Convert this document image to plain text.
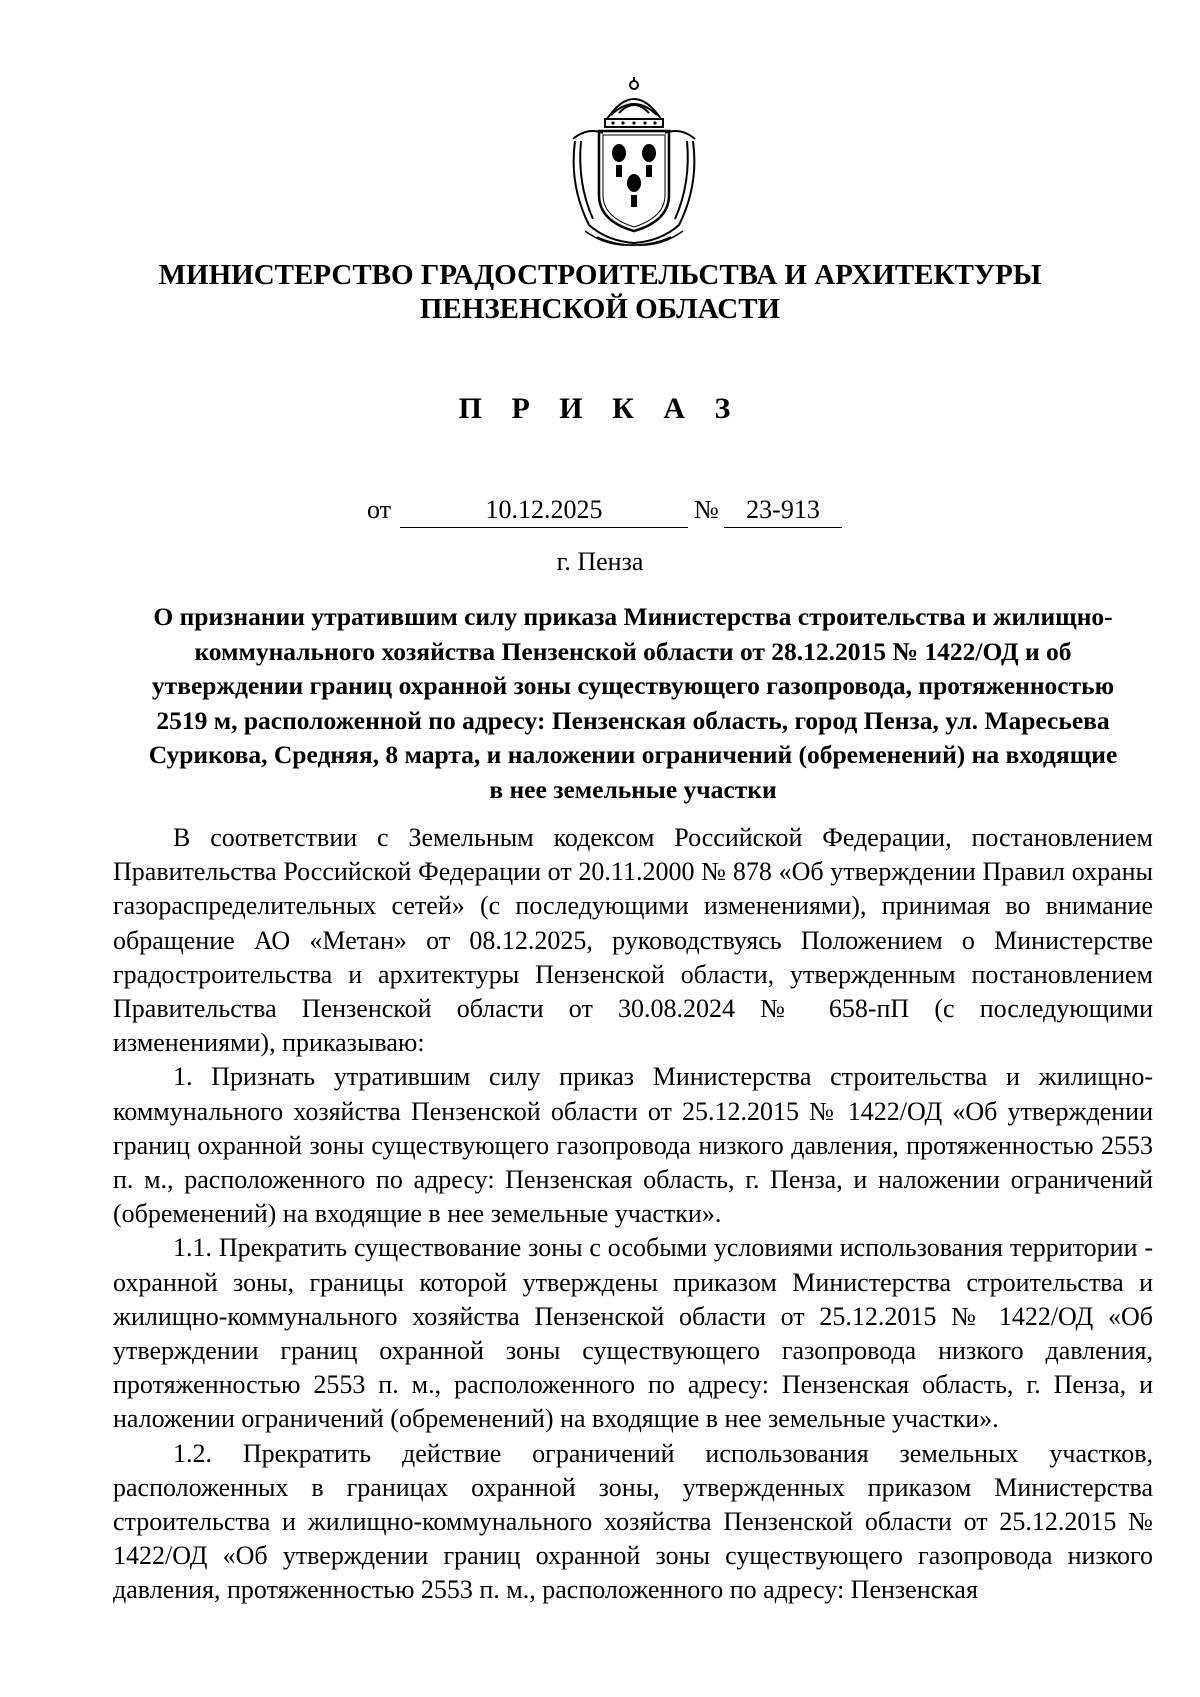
МИНИСТЕРСТВО ГРАДОСТРОИТЕЛЬСТВА И АРХИТЕКТУРЫ
ПЕНЗЕНСКОЙ ОБЛАСТИ
П Р И К А З
от	10.12.2025	№	23-913
г. Пенза
О признании утратившим силу приказа Министерства строительства и жилищно-
коммунального хозяйства Пензенской области от 28.12.2015 № 1422/ОД и об
утверждении границ охранной зоны существующего газопровода, протяженностью
2519 м, расположенной по адресу: Пензенская область, город Пенза, ул. Маресьева
Сурикова, Средняя, 8 марта, и наложении ограничений (обременений) на входящие
в нее земельные участки

В соответствии с Земельным кодексом Российской Федерации, постановлением Правительства Российской Федерации от 20.11.2000 № 878 «Об утверждении Правил охраны газораспределительных сетей» (с последующими изменениями), принимая во внимание обращение АО «Метан» от 08.12.2025, руководствуясь Положением о Министерстве градостроительства и архитектуры Пензенской области, утвержденным постановлением Правительства Пензенской области от 30.08.2024 № 658-пП (с последующими изменениями), приказываю:

1. Признать утратившим силу приказ Министерства строительства и жилищно-коммунального хозяйства Пензенской области от 25.12.2015 № 1422/ОД «Об утверждении границ охранной зоны существующего газопровода низкого давления, протяженностью 2553 п. м., расположенного по адресу: Пензенская область, г. Пенза, и наложении ограничений (обременений) на входящие в нее земельные участки».

1.1. Прекратить существование зоны с особыми условиями использования территории - охранной зоны, границы которой утверждены приказом Министерства строительства и жилищно-коммунального хозяйства Пензенской области от 25.12.2015 № 1422/ОД «Об утверждении границ охранной зоны существующего газопровода низкого давления, протяженностью 2553 п. м., расположенного по адресу: Пензенская область, г. Пенза, и наложении ограничений (обременений) на входящие в нее земельные участки».

1.2. Прекратить действие ограничений использования земельных участков, расположенных в границах охранной зоны, утвержденных приказом Министерства строительства и жилищно-коммунального хозяйства Пензенской области от 25.12.2015 № 1422/ОД «Об утверждении границ охранной зоны существующего газопровода низкого давления, протяженностью 2553 п. м., расположенного по адресу: Пензенская
